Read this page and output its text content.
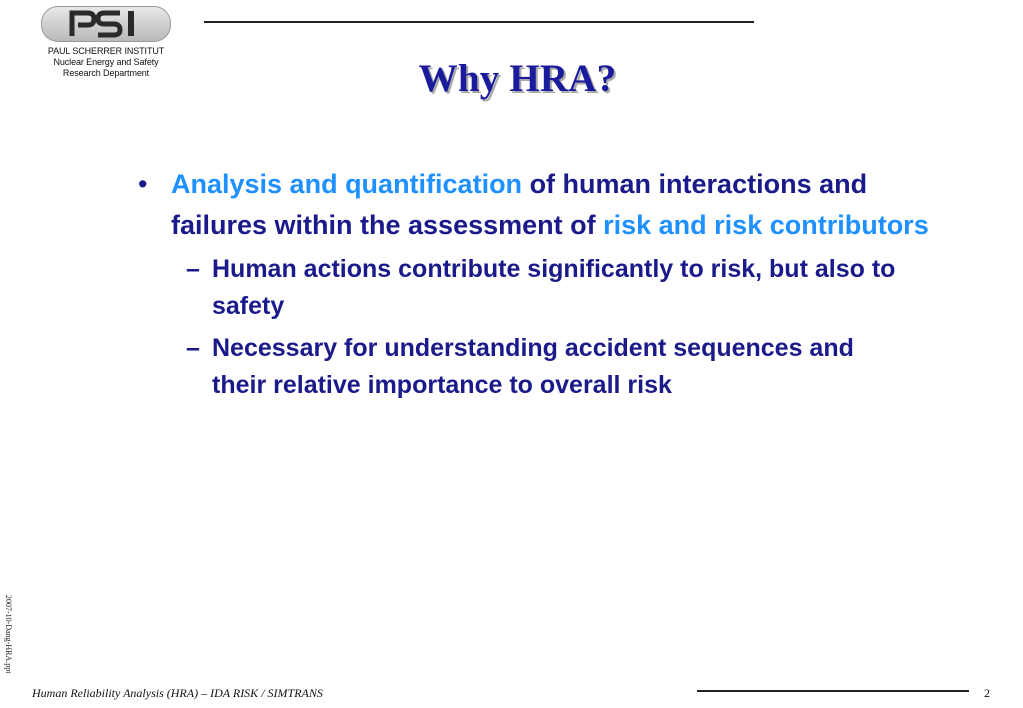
PAUL SCHERRER INSTITUT
Nuclear Energy and Safety
Research Department	Why HRA?
• Analysis and quantification of human interactions and failures within the assessment of risk and risk contributors
– Human actions contribute significantly to risk, but also to safety
– Necessary for understanding accident sequences and their relative importance to overall risk
2007-10-Dang-HRA.ppt
Human Reliability Analysis (HRA) – IDA RISK / SIMTRANS	2
